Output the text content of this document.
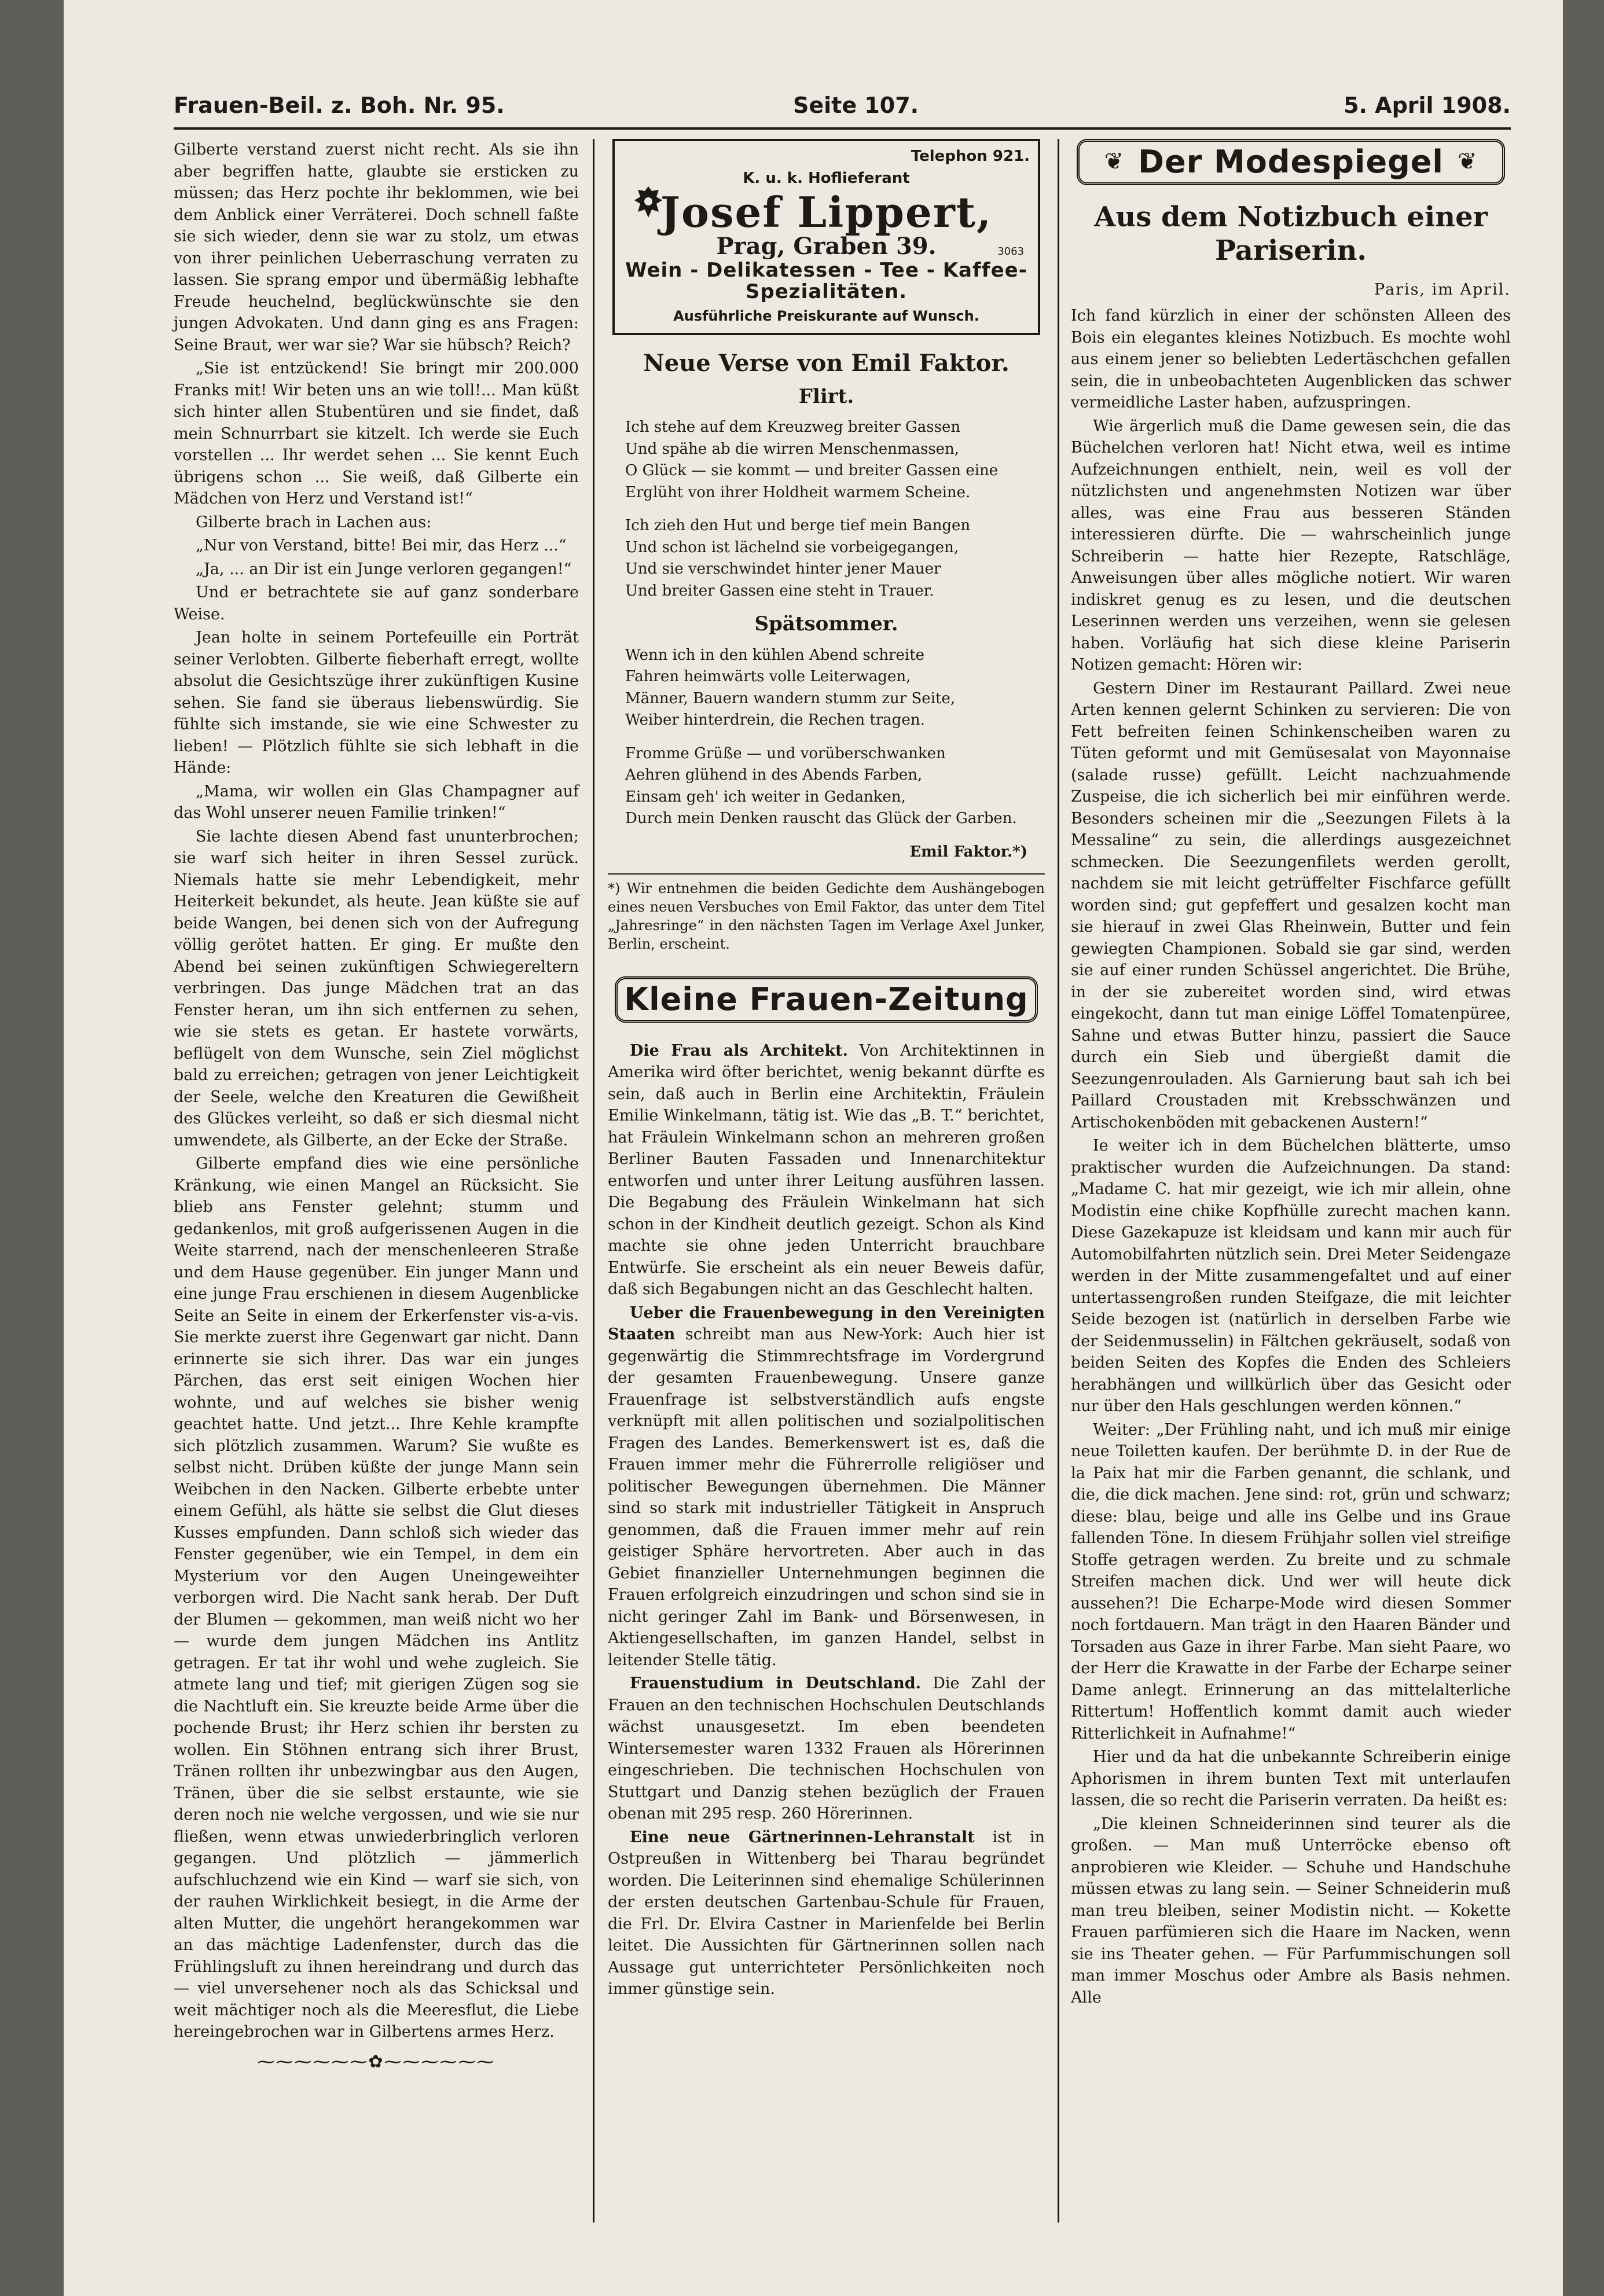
Frauen-Beil. z. Boh. Nr. 95.	Seite 107.	5. April 1908.

Gilberte verstand zuerst nicht recht. Als sie ihn aber begriffen hatte, glaubte sie ersticken zu müssen; das Herz pochte ihr beklommen, wie bei dem Anblick einer Verräterei. Doch schnell faßte sie sich wieder, denn sie war zu stolz, um etwas von ihrer peinlichen Ueberraschung verraten zu lassen. Sie sprang empor und übermäßig lebhafte Freude heuchelnd, beglückwünschte sie den jungen Advokaten. Und dann ging es ans Fragen: Seine Braut, wer war sie? War sie hübsch? Reich?

„Sie ist entzückend! Sie bringt mir 200.000 Franks mit! Wir beten uns an wie toll!... Man küßt sich hinter allen Stubentüren und sie findet, daß mein Schnurrbart sie kitzelt. Ich werde sie Euch vorstellen ... Ihr werdet sehen ... Sie kennt Euch übrigens schon ... Sie weiß, daß Gilberte ein Mädchen von Herz und Verstand ist!“

Gilberte brach in Lachen aus:

„Nur von Verstand, bitte! Bei mir, das Herz ...“

„Ja, ... an Dir ist ein Junge verloren gegangen!“

Und er betrachtete sie auf ganz sonderbare Weise.

Jean holte in seinem Portefeuille ein Porträt seiner Verlobten. Gilberte fieberhaft erregt, wollte absolut die Gesichtszüge ihrer zukünftigen Kusine sehen. Sie fand sie überaus liebenswürdig. Sie fühlte sich imstande, sie wie eine Schwester zu lieben! — Plötzlich fühlte sie sich lebhaft in die Hände:

„Mama, wir wollen ein Glas Champagner auf das Wohl unserer neuen Familie trinken!“

Sie lachte diesen Abend fast ununterbrochen; sie warf sich heiter in ihren Sessel zurück. Niemals hatte sie mehr Lebendigkeit, mehr Heiterkeit bekundet, als heute. Jean küßte sie auf beide Wangen, bei denen sich von der Aufregung völlig gerötet hatten. Er ging. Er mußte den Abend bei seinen zukünftigen Schwiegereltern verbringen. Das junge Mädchen trat an das Fenster heran, um ihn sich entfernen zu sehen, wie sie stets es getan. Er hastete vorwärts, beflügelt von dem Wunsche, sein Ziel möglichst bald zu erreichen; getragen von jener Leichtigkeit der Seele, welche den Kreaturen die Gewißheit des Glückes verleiht, so daß er sich diesmal nicht umwendete, als Gilberte, an der Ecke der Straße.

Gilberte empfand dies wie eine persönliche Kränkung, wie einen Mangel an Rücksicht. Sie blieb ans Fenster gelehnt; stumm und gedankenlos, mit groß aufgerissenen Augen in die Weite starrend, nach der menschenleeren Straße und dem Hause gegenüber. Ein junger Mann und eine junge Frau erschienen in diesem Augenblicke Seite an Seite in einem der Erkerfenster vis-a-vis. Sie merkte zuerst ihre Gegenwart gar nicht. Dann erinnerte sie sich ihrer. Das war ein junges Pärchen, das erst seit einigen Wochen hier wohnte, und auf welches sie bisher wenig geachtet hatte. Und jetzt... Ihre Kehle krampfte sich plötzlich zusammen. Warum? Sie wußte es selbst nicht. Drüben küßte der junge Mann sein Weibchen in den Nacken. Gilberte erbebte unter einem Gefühl, als hätte sie selbst die Glut dieses Kusses empfunden. Dann schloß sich wieder das Fenster gegenüber, wie ein Tempel, in dem ein Mysterium vor den Augen Uneingeweihter verborgen wird. Die Nacht sank herab. Der Duft der Blumen — gekommen, man weiß nicht wo her — wurde dem jungen Mädchen ins Antlitz getragen. Er tat ihr wohl und wehe zugleich. Sie atmete lang und tief; mit gierigen Zügen sog sie die Nachtluft ein. Sie kreuzte beide Arme über die pochende Brust; ihr Herz schien ihr bersten zu wollen. Ein Stöhnen entrang sich ihrer Brust, Tränen rollten ihr unbezwingbar aus den Augen, Tränen, über die sie selbst erstaunte, wie sie deren noch nie welche vergossen, und wie sie nur fließen, wenn etwas unwiederbringlich verloren gegangen. Und plötzlich — jämmerlich aufschluchzend wie ein Kind — warf sie sich, von der rauhen Wirklichkeit besiegt, in die Arme der alten Mutter, die ungehört herangekommen war an das mächtige Ladenfenster, durch das die Frühlingsluft zu ihnen hereindrang und durch das — viel unversehener noch als das Schicksal und weit mächtiger noch als die Meeresflut, die Liebe hereingebrochen war in Gilbertens armes Herz.

⁓⁓⁓⁓⁓⁓✿⁓⁓⁓⁓⁓⁓
Telephon 921.
K. u. k. Hoflieferant
Josef Lippert,
Prag, Graben 39.	3063
Wein - Delikatessen - Tee - Kaffee-Spezialitäten.
Ausführliche Preiskurante auf Wunsch.
Neue Verse von Emil Faktor.
Flirt.
Ich stehe auf dem Kreuzweg breiter Gassen
Und spähe ab die wirren Menschenmassen,
O Glück — sie kommt — und breiter Gassen eine
Erglüht von ihrer Holdheit warmem Scheine.
Ich zieh den Hut und berge tief mein Bangen
Und schon ist lächelnd sie vorbeigegangen,
Und sie verschwindet hinter jener Mauer
Und breiter Gassen eine steht in Trauer.
Spätsommer.
Wenn ich in den kühlen Abend schreite
Fahren heimwärts volle Leiterwagen,
Männer, Bauern wandern stumm zur Seite,
Weiber hinterdrein, die Rechen tragen.
Fromme Grüße — und vorüberschwanken
Aehren glühend in des Abends Farben,
Einsam geh' ich weiter in Gedanken,
Durch mein Denken rauscht das Glück der Garben.
Emil Faktor.*)
*) Wir entnehmen die beiden Gedichte dem Aushängebogen eines neuen Versbuches von Emil Faktor, das unter dem Titel „Jahresringe“ in den nächsten Tagen im Verlage Axel Junker, Berlin, erscheint.
Kleine Frauen-Zeitung

Die Frau als Architekt. Von Architektinnen in Amerika wird öfter berichtet, wenig bekannt dürfte es sein, daß auch in Berlin eine Architektin, Fräulein Emilie Winkelmann, tätig ist. Wie das „B. T.“ berichtet, hat Fräulein Winkelmann schon an mehreren großen Berliner Bauten Fassaden und Innenarchitektur entworfen und unter ihrer Leitung ausführen lassen. Die Begabung des Fräulein Winkelmann hat sich schon in der Kindheit deutlich gezeigt. Schon als Kind machte sie ohne jeden Unterricht brauchbare Entwürfe. Sie erscheint als ein neuer Beweis dafür, daß sich Begabungen nicht an das Geschlecht halten.

Ueber die Frauenbewegung in den Vereinigten Staaten schreibt man aus New-York: Auch hier ist gegenwärtig die Stimmrechtsfrage im Vordergrund der gesamten Frauenbewegung. Unsere ganze Frauenfrage ist selbstverständlich aufs engste verknüpft mit allen politischen und sozialpolitischen Fragen des Landes. Bemerkenswert ist es, daß die Frauen immer mehr die Führerrolle religiöser und politischer Bewegungen übernehmen. Die Männer sind so stark mit industrieller Tätigkeit in Anspruch genommen, daß die Frauen immer mehr auf rein geistiger Sphäre hervortreten. Aber auch in das Gebiet finanzieller Unternehmungen beginnen die Frauen erfolgreich einzudringen und schon sind sie in nicht geringer Zahl im Bank- und Börsenwesen, in Aktiengesellschaften, im ganzen Handel, selbst in leitender Stelle tätig.

Frauenstudium in Deutschland. Die Zahl der Frauen an den technischen Hochschulen Deutschlands wächst unausgesetzt. Im eben beendeten Wintersemester waren 1332 Frauen als Hörerinnen eingeschrieben. Die technischen Hochschulen von Stuttgart und Danzig stehen bezüglich der Frauen obenan mit 295 resp. 260 Hörerinnen.

Eine neue Gärtnerinnen-Lehranstalt ist in Ostpreußen in Wittenberg bei Tharau begründet worden. Die Leiterinnen sind ehemalige Schülerinnen der ersten deutschen Gartenbau-Schule für Frauen, die Frl. Dr. Elvira Castner in Marienfelde bei Berlin leitet. Die Aussichten für Gärtnerinnen sollen nach Aussage gut unterrichteter Persönlichkeiten noch immer günstige sein.

❦ Der Modespiegel ❦
Aus dem Notizbuch einer Pariserin.
Paris, im April.

Ich fand kürzlich in einer der schönsten Alleen des Bois ein elegantes kleines Notizbuch. Es mochte wohl aus einem jener so beliebten Ledertäschchen gefallen sein, die in unbeobachteten Augenblicken das schwer vermeidliche Laster haben, aufzuspringen.

Wie ärgerlich muß die Dame gewesen sein, die das Büchelchen verloren hat! Nicht etwa, weil es intime Aufzeichnungen enthielt, nein, weil es voll der nützlichsten und angenehmsten Notizen war über alles, was eine Frau aus besseren Ständen interessieren dürfte. Die — wahrscheinlich junge Schreiberin — hatte hier Rezepte, Ratschläge, Anweisungen über alles mögliche notiert. Wir waren indiskret genug es zu lesen, und die deutschen Leserinnen werden uns verzeihen, wenn sie gelesen haben. Vorläufig hat sich diese kleine Pariserin Notizen gemacht: Hören wir:

Gestern Diner im Restaurant Paillard. Zwei neue Arten kennen gelernt Schinken zu servieren: Die von Fett befreiten feinen Schinkenscheiben waren zu Tüten geformt und mit Gemüsesalat von Mayonnaise (salade russe) gefüllt. Leicht nachzuahmende Zuspeise, die ich sicherlich bei mir einführen werde. Besonders scheinen mir die „Seezungen Filets à la Messaline“ zu sein, die allerdings ausgezeichnet schmecken. Die Seezungenfilets werden gerollt, nachdem sie mit leicht getrüffelter Fischfarce gefüllt worden sind; gut gepfeffert und gesalzen kocht man sie hierauf in zwei Glas Rheinwein, Butter und fein gewiegten Championen. Sobald sie gar sind, werden sie auf einer runden Schüssel angerichtet. Die Brühe, in der sie zubereitet worden sind, wird etwas eingekocht, dann tut man einige Löffel Tomatenpüree, Sahne und etwas Butter hinzu, passiert die Sauce durch ein Sieb und übergießt damit die Seezungenrouladen. Als Garnierung baut sah ich bei Paillard Croustaden mit Krebsschwänzen und Artischokenböden mit gebackenen Austern!“

Ie weiter ich in dem Büchelchen blätterte, umso praktischer wurden die Aufzeichnungen. Da stand: „Madame C. hat mir gezeigt, wie ich mir allein, ohne Modistin eine chike Kopfhülle zurecht machen kann. Diese Gazekapuze ist kleidsam und kann mir auch für Automobilfahrten nützlich sein. Drei Meter Seidengaze werden in der Mitte zusammengefaltet und auf einer untertassengroßen runden Steifgaze, die mit leichter Seide bezogen ist (natürlich in derselben Farbe wie der Seidenmusselin) in Fältchen gekräuselt, sodaß von beiden Seiten des Kopfes die Enden des Schleiers herabhängen und willkürlich über das Gesicht oder nur über den Hals geschlungen werden können.“

Weiter: „Der Frühling naht, und ich muß mir einige neue Toiletten kaufen. Der berühmte D. in der Rue de la Paix hat mir die Farben genannt, die schlank, und die, die dick machen. Jene sind: rot, grün und schwarz; diese: blau, beige und alle ins Gelbe und ins Graue fallenden Töne. In diesem Frühjahr sollen viel streifige Stoffe getragen werden. Zu breite und zu schmale Streifen machen dick. Und wer will heute dick aussehen?! Die Echarpe-Mode wird diesen Sommer noch fortdauern. Man trägt in den Haaren Bänder und Torsaden aus Gaze in ihrer Farbe. Man sieht Paare, wo der Herr die Krawatte in der Farbe der Echarpe seiner Dame anlegt. Erinnerung an das mittelalterliche Rittertum! Hoffentlich kommt damit auch wieder Ritterlichkeit in Aufnahme!“

Hier und da hat die unbekannte Schreiberin einige Aphorismen in ihrem bunten Text mit unterlaufen lassen, die so recht die Pariserin verraten. Da heißt es:

„Die kleinen Schneiderinnen sind teurer als die großen. — Man muß Unterröcke ebenso oft anprobieren wie Kleider. — Schuhe und Handschuhe müssen etwas zu lang sein. — Seiner Schneiderin muß man treu bleiben, seiner Modistin nicht. — Kokette Frauen parfümieren sich die Haare im Nacken, wenn sie ins Theater gehen. — Für Parfummischungen soll man immer Moschus oder Ambre als Basis nehmen. Alle
